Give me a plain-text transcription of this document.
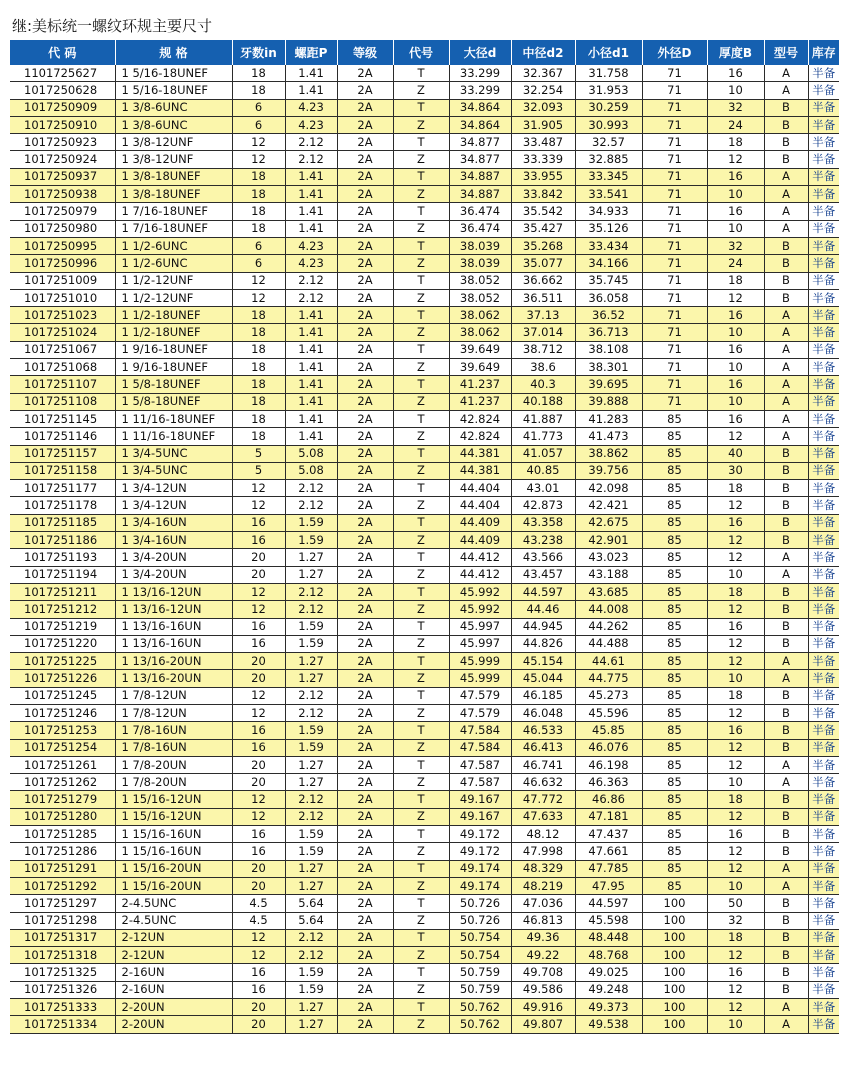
继:美标统一螺纹环规主要尺寸
代 码	规 格	牙数in	螺距P	等级	代号	大径d	中径d2	小径d1	外径D	厚度B	型号	库存
1101725627	1 5/16-18UNEF	18	1.41	2A	T	33.299	32.367	31.758	71	16	A	半备
1017250628	1 5/16-18UNEF	18	1.41	2A	Z	33.299	32.254	31.953	71	10	A	半备
1017250909	1 3/8-6UNC	6	4.23	2A	T	34.864	32.093	30.259	71	32	B	半备
1017250910	1 3/8-6UNC	6	4.23	2A	Z	34.864	31.905	30.993	71	24	B	半备
1017250923	1 3/8-12UNF	12	2.12	2A	T	34.877	33.487	32.57	71	18	B	半备
1017250924	1 3/8-12UNF	12	2.12	2A	Z	34.877	33.339	32.885	71	12	B	半备
1017250937	1 3/8-18UNEF	18	1.41	2A	T	34.887	33.955	33.345	71	16	A	半备
1017250938	1 3/8-18UNEF	18	1.41	2A	Z	34.887	33.842	33.541	71	10	A	半备
1017250979	1 7/16-18UNEF	18	1.41	2A	T	36.474	35.542	34.933	71	16	A	半备
1017250980	1 7/16-18UNEF	18	1.41	2A	Z	36.474	35.427	35.126	71	10	A	半备
1017250995	1 1/2-6UNC	6	4.23	2A	T	38.039	35.268	33.434	71	32	B	半备
1017250996	1 1/2-6UNC	6	4.23	2A	Z	38.039	35.077	34.166	71	24	B	半备
1017251009	1 1/2-12UNF	12	2.12	2A	T	38.052	36.662	35.745	71	18	B	半备
1017251010	1 1/2-12UNF	12	2.12	2A	Z	38.052	36.511	36.058	71	12	B	半备
1017251023	1 1/2-18UNEF	18	1.41	2A	T	38.062	37.13	36.52	71	16	A	半备
1017251024	1 1/2-18UNEF	18	1.41	2A	Z	38.062	37.014	36.713	71	10	A	半备
1017251067	1 9/16-18UNEF	18	1.41	2A	T	39.649	38.712	38.108	71	16	A	半备
1017251068	1 9/16-18UNEF	18	1.41	2A	Z	39.649	38.6	38.301	71	10	A	半备
1017251107	1 5/8-18UNEF	18	1.41	2A	T	41.237	40.3	39.695	71	16	A	半备
1017251108	1 5/8-18UNEF	18	1.41	2A	Z	41.237	40.188	39.888	71	10	A	半备
1017251145	1 11/16-18UNEF	18	1.41	2A	T	42.824	41.887	41.283	85	16	A	半备
1017251146	1 11/16-18UNEF	18	1.41	2A	Z	42.824	41.773	41.473	85	12	A	半备
1017251157	1 3/4-5UNC	5	5.08	2A	T	44.381	41.057	38.862	85	40	B	半备
1017251158	1 3/4-5UNC	5	5.08	2A	Z	44.381	40.85	39.756	85	30	B	半备
1017251177	1 3/4-12UN	12	2.12	2A	T	44.404	43.01	42.098	85	18	B	半备
1017251178	1 3/4-12UN	12	2.12	2A	Z	44.404	42.873	42.421	85	12	B	半备
1017251185	1 3/4-16UN	16	1.59	2A	T	44.409	43.358	42.675	85	16	B	半备
1017251186	1 3/4-16UN	16	1.59	2A	Z	44.409	43.238	42.901	85	12	B	半备
1017251193	1 3/4-20UN	20	1.27	2A	T	44.412	43.566	43.023	85	12	A	半备
1017251194	1 3/4-20UN	20	1.27	2A	Z	44.412	43.457	43.188	85	10	A	半备
1017251211	1 13/16-12UN	12	2.12	2A	T	45.992	44.597	43.685	85	18	B	半备
1017251212	1 13/16-12UN	12	2.12	2A	Z	45.992	44.46	44.008	85	12	B	半备
1017251219	1 13/16-16UN	16	1.59	2A	T	45.997	44.945	44.262	85	16	B	半备
1017251220	1 13/16-16UN	16	1.59	2A	Z	45.997	44.826	44.488	85	12	B	半备
1017251225	1 13/16-20UN	20	1.27	2A	T	45.999	45.154	44.61	85	12	A	半备
1017251226	1 13/16-20UN	20	1.27	2A	Z	45.999	45.044	44.775	85	10	A	半备
1017251245	1 7/8-12UN	12	2.12	2A	T	47.579	46.185	45.273	85	18	B	半备
1017251246	1 7/8-12UN	12	2.12	2A	Z	47.579	46.048	45.596	85	12	B	半备
1017251253	1 7/8-16UN	16	1.59	2A	T	47.584	46.533	45.85	85	16	B	半备
1017251254	1 7/8-16UN	16	1.59	2A	Z	47.584	46.413	46.076	85	12	B	半备
1017251261	1 7/8-20UN	20	1.27	2A	T	47.587	46.741	46.198	85	12	A	半备
1017251262	1 7/8-20UN	20	1.27	2A	Z	47.587	46.632	46.363	85	10	A	半备
1017251279	1 15/16-12UN	12	2.12	2A	T	49.167	47.772	46.86	85	18	B	半备
1017251280	1 15/16-12UN	12	2.12	2A	Z	49.167	47.633	47.181	85	12	B	半备
1017251285	1 15/16-16UN	16	1.59	2A	T	49.172	48.12	47.437	85	16	B	半备
1017251286	1 15/16-16UN	16	1.59	2A	Z	49.172	47.998	47.661	85	12	B	半备
1017251291	1 15/16-20UN	20	1.27	2A	T	49.174	48.329	47.785	85	12	A	半备
1017251292	1 15/16-20UN	20	1.27	2A	Z	49.174	48.219	47.95	85	10	A	半备
1017251297	2-4.5UNC	4.5	5.64	2A	T	50.726	47.036	44.597	100	50	B	半备
1017251298	2-4.5UNC	4.5	5.64	2A	Z	50.726	46.813	45.598	100	32	B	半备
1017251317	2-12UN	12	2.12	2A	T	50.754	49.36	48.448	100	18	B	半备
1017251318	2-12UN	12	2.12	2A	Z	50.754	49.22	48.768	100	12	B	半备
1017251325	2-16UN	16	1.59	2A	T	50.759	49.708	49.025	100	16	B	半备
1017251326	2-16UN	16	1.59	2A	Z	50.759	49.586	49.248	100	12	B	半备
1017251333	2-20UN	20	1.27	2A	T	50.762	49.916	49.373	100	12	A	半备
1017251334	2-20UN	20	1.27	2A	Z	50.762	49.807	49.538	100	10	A	半备
